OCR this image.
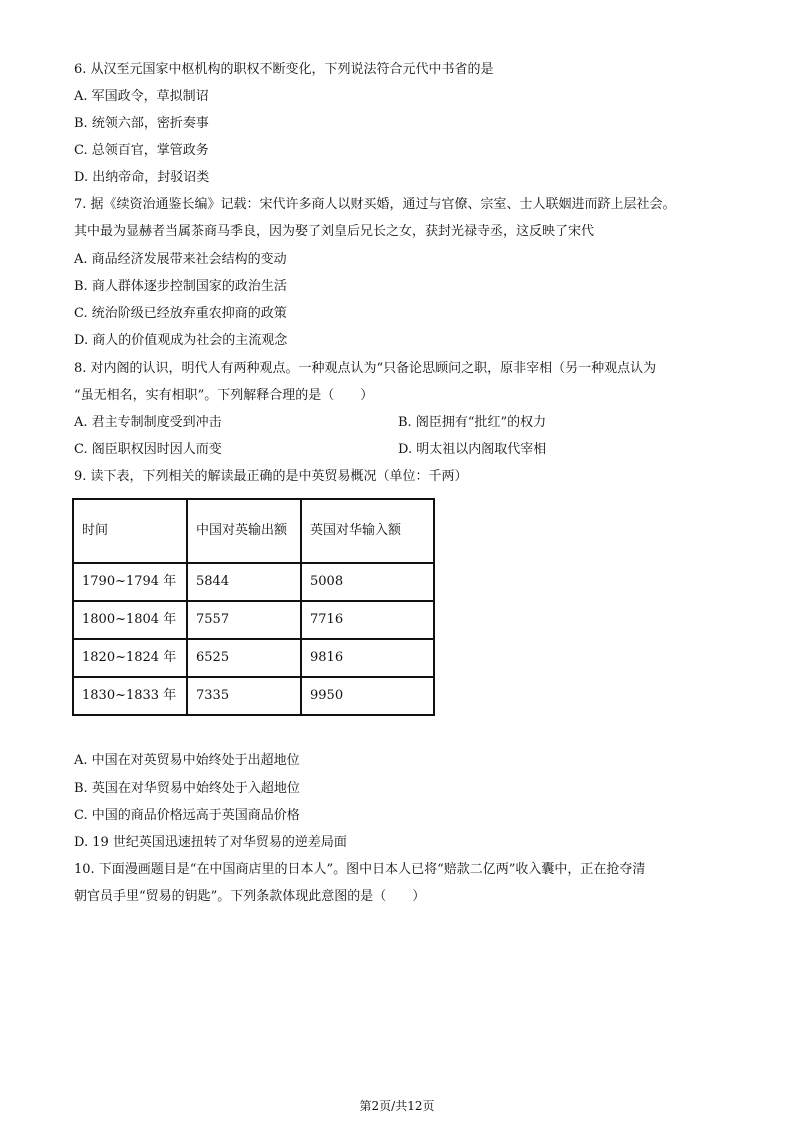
6. 从汉至元国家中枢机构的职权不断变化，下列说法符合元代中书省的是
A. 军国政令，草拟制诏
B. 统领六部，密折奏事
C. 总领百官，掌管政务
D. 出纳帝命，封驳诏类
7. 据《续资治通鉴长编》记载：宋代许多商人以财买婚，通过与官僚、宗室、士人联姻进而跻上层社会。
其中最为显赫者当属茶商马季良，因为娶了刘皇后兄长之女，获封光禄寺丞，这反映了宋代
A. 商品经济发展带来社会结构的变动
B. 商人群体逐步控制国家的政治生活
C. 统治阶级已经放弃重农抑商的政策
D. 商人的价值观成为社会的主流观念
8. 对内阁的认识，明代人有两种观点。一种观点认为“只备论思顾问之职，原非宰相（另一种观点认为
“虽无相名，实有相职”。下列解释合理的是（　　）
A. 君主专制制度受到冲击	B. 阁臣拥有“批红”的权力
C. 阁臣职权因时因人而变	D. 明太祖以内阁取代宰相
9. 读下表，下列相关的解读最正确的是中英贸易概况（单位：千两）
时间	中国对英输出额	英国对华输入额
1790~1794 年	5844	5008
1800~1804 年	7557	7716
1820~1824 年	6525	9816
1830~1833 年	7335	9950
A. 中国在对英贸易中始终处于出超地位
B. 英国在对华贸易中始终处于入超地位
C. 中国的商品价格远高于英国商品价格
D. 19 世纪英国迅速扭转了对华贸易的逆差局面
10. 下面漫画题目是“在中国商店里的日本人”。图中日本人已将“赔款二亿两”收入囊中，正在抢夺清
朝官员手里“贸易的钥匙”。下列条款体现此意图的是（　　）
第2页/共12页
